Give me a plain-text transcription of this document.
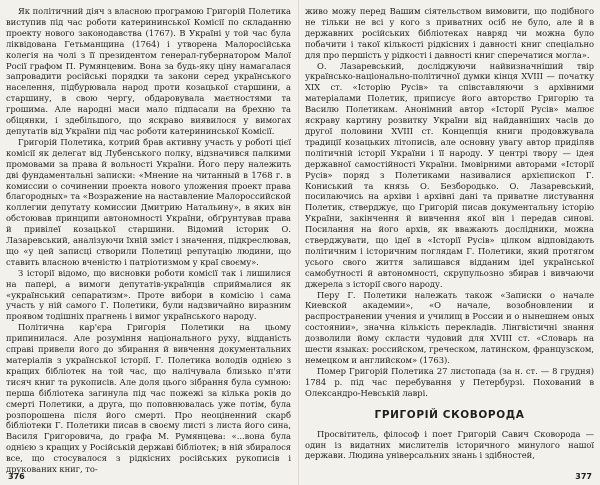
Як політичний діяч з власною програмою Григорій Полетика виступив під час роботи катерининської Комісії по складанню проекту нового законодавства (1767). В Україні у той час була ліквідована Гетьманщина (1764) і утворена Малоросійська колегія на чолі з її президентом генерал-губернатором Малої Росії графом П. Румянцевим. Вона за будь-яку ціну намагалася запровадити російські порядки та закони серед українського населення, підбурювала народ проти козацької старшини, а старшину, в свою чергу, обдаровувала маєтностями та грошима. Але народні маси мало підпасали на брехню та обіцянки, і здебільшого, що яскраво виявилося у вимогах депутатів від України під час роботи катерининської Комісії.

Григорій Полетика, котрий брав активну участь у роботі цієї комісії як делегат від Лубенського полку, відзначився палкими промовами за права й вольності України. Його перу належить дві фундаментальні записки: «Мнение на читанный в 1768 г. в комиссии о сочинении проекта нового уложения проект права благородных» та «Возражение на наставление Малороссийской коллегии депутату комиссии Дмитрию Натальину», в яких він обстоював принципи автономності України, обґрунтував права й привілеї козацької старшини. Відомий історик О. Лазаревський, аналізуючи їхній зміст і значення, підкреслював, що «у цей записці створили Полетиці репутацію людини, що ставить власною вченістю і патріотизмом у краї своєму».

З історії відомо, що висновки роботи комісії так і лишилися на папері, а вимоги депутатів-українців сприймалися як «український сепаратизм». Проте вибори в комісію і сама участь у ній самого Г. Полетики, були надзвичайно виразним проявом тодішніх прагнень і вимог українського народу.

Політична кар'єра Григорія Полетики на цьому припинилася. Але розуміння національного руху, відданість справі привели його до збирання й вивчення документальних матеріалів з української історії. Г. Полетика володів однією з кращих бібліотек на той час, що налічувала близько п'яти тисяч книг та рукописів. Але доля цього зібрання була сумною: перша бібліотека загинула під час пожежі за кілька років до смерті Полетики, а друга, що поповнювалась уже потім, була розпорошена після його смерті. Про неоціненний скарб бібліотеки Г. Полетики писав в своєму листі з листа його сина, Василя Григоровича, до графа М. Румянцева: «...вона була однією з кращих у Російській державі бібліотек; в ній збиралося все, що стосувалося з рідкісних російських рукописів і друкованих книг, то-

376

живо можу перед Вашим сіятельством вимовити, що подібного не тільки не всі у кого з приватних осіб не було, але й в державних російських бібліотеках навряд чи можна було побачити і такої кількості рідкісних і давності книг спеціально для про першість у рідкості і давності книг сперечатися могла».

О. Лазаревський, досліджуючи найвизначніший твір українсько-національно-політичної думки кінця XVIII — початку XIX ст. «Історію Русів» та співставляючи з архівними матеріалами Полетик, приписує його авторство Григорію та Василю Полетикам. Анонімний автор «Історії Русів» малює яскраву картину розвитку України від найдавніших часів до другої половини XVIII ст. Концепція книги продовжувала традиції козацьких літописів, але основну увагу автор приділяв політичній історії України і її народу. У центрі твору — ідея державної самостійності України. Імовірними авторами «Історії Русів» поряд з Полетиками називалися архієпископ Г. Кониський та князь О. Безбородько. О. Лазаревський, посилаючись на архіви і архівні дані та приватне листування Полетик, стверджує, що Григорій писав документальну історію України, закінчення й вивчення якої він і передав синові. Посилання на його архів, як вважають дослідники, можна стверджувати, що ідеї в «Історії Русів» цілком відповідають політичним і історичним поглядам Г. Полетики, який протягом усього свого життя залишався відданим ідеї української самобутності й автономності, скрупульозно збирав і вивчаючи джерела з історії свого народу.

Перу Г. Полетики належать також «Записки о начале Киевской академии», «О начале, возобновлении и распространении учения и училищ в России и о нынешнем оных состоянии», значна кількість перекладів. Лінгвістичні знання дозволили йому скласти чудовий для XVIII ст. «Словарь на шести языках: российском, греческом, латинском, французском, немецком и английском» (1763).

Помер Григорій Полетика 27 листопада (за н. ст. — 8 грудня) 1784 р. під час перебування у Петербурзі. Похований в Олександро-Невській лаврі.

ГРИГОРІЙ СКОВОРОДА

Просвітитель, філософ і поет Григорій Савич Сковорода — один із видатних мислителів історичного минулого нашої держави. Людина універсальних знань і здібностей,

377
